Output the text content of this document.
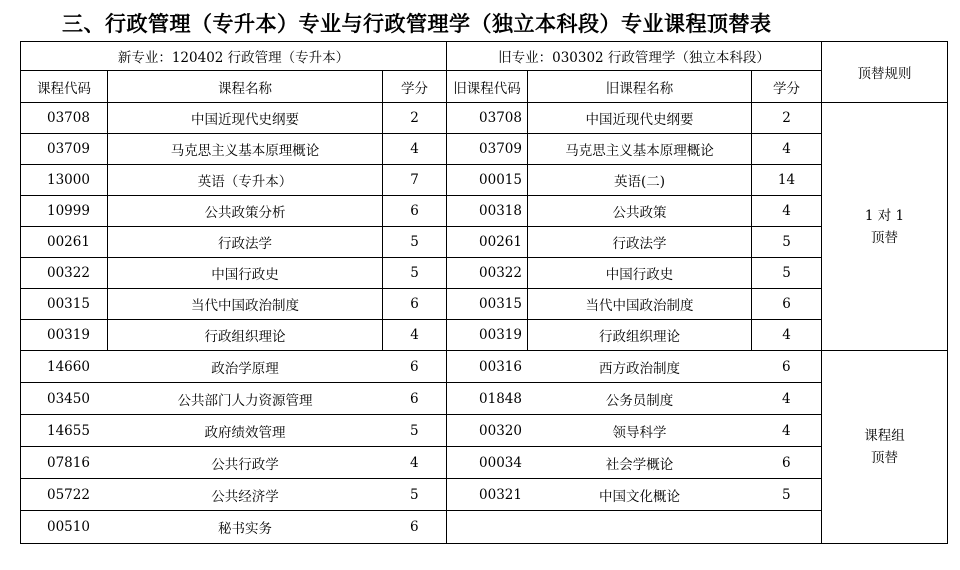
三、行政管理（专升本）专业与行政管理学（独立本科段）专业课程顶替表
新专业：120402 行政管理（专升本）			旧专业：030302 行政管理学（独立本科段）			顶替规则
课程代码	课程名称	学分	旧课程代码	旧课程名称	学分	
03708	中国近现代史纲要	2	03708	中国近现代史纲要	2	1 对 1
顶替

03709	马克思主义基本原理概论	4	03709	马克思主义基本原理概论	4	
13000	英语（专升本）	7	00015	英语(二)	14	
10999	公共政策分析	6	00318	公共政策	4	
00261	行政法学	5	00261	行政法学	5	
00322	中国行政史	5	00322	中国行政史	5	
00315	当代中国政治制度	6	00315	当代中国政治制度	6	
00319	行政组织理论	4	00319	行政组织理论	4	
14660	政治学原理	6	00316	西方政治制度	6	课程组
顶替

03450	公共部门人力资源管理	6	01848	公务员制度	4	
14655	政府绩效管理	5	00320	领导科学	4	
07816	公共行政学	4	00034	社会学概论	6	
05722	公共经济学	5	00321	中国文化概论	5	
00510	秘书实务	6				
